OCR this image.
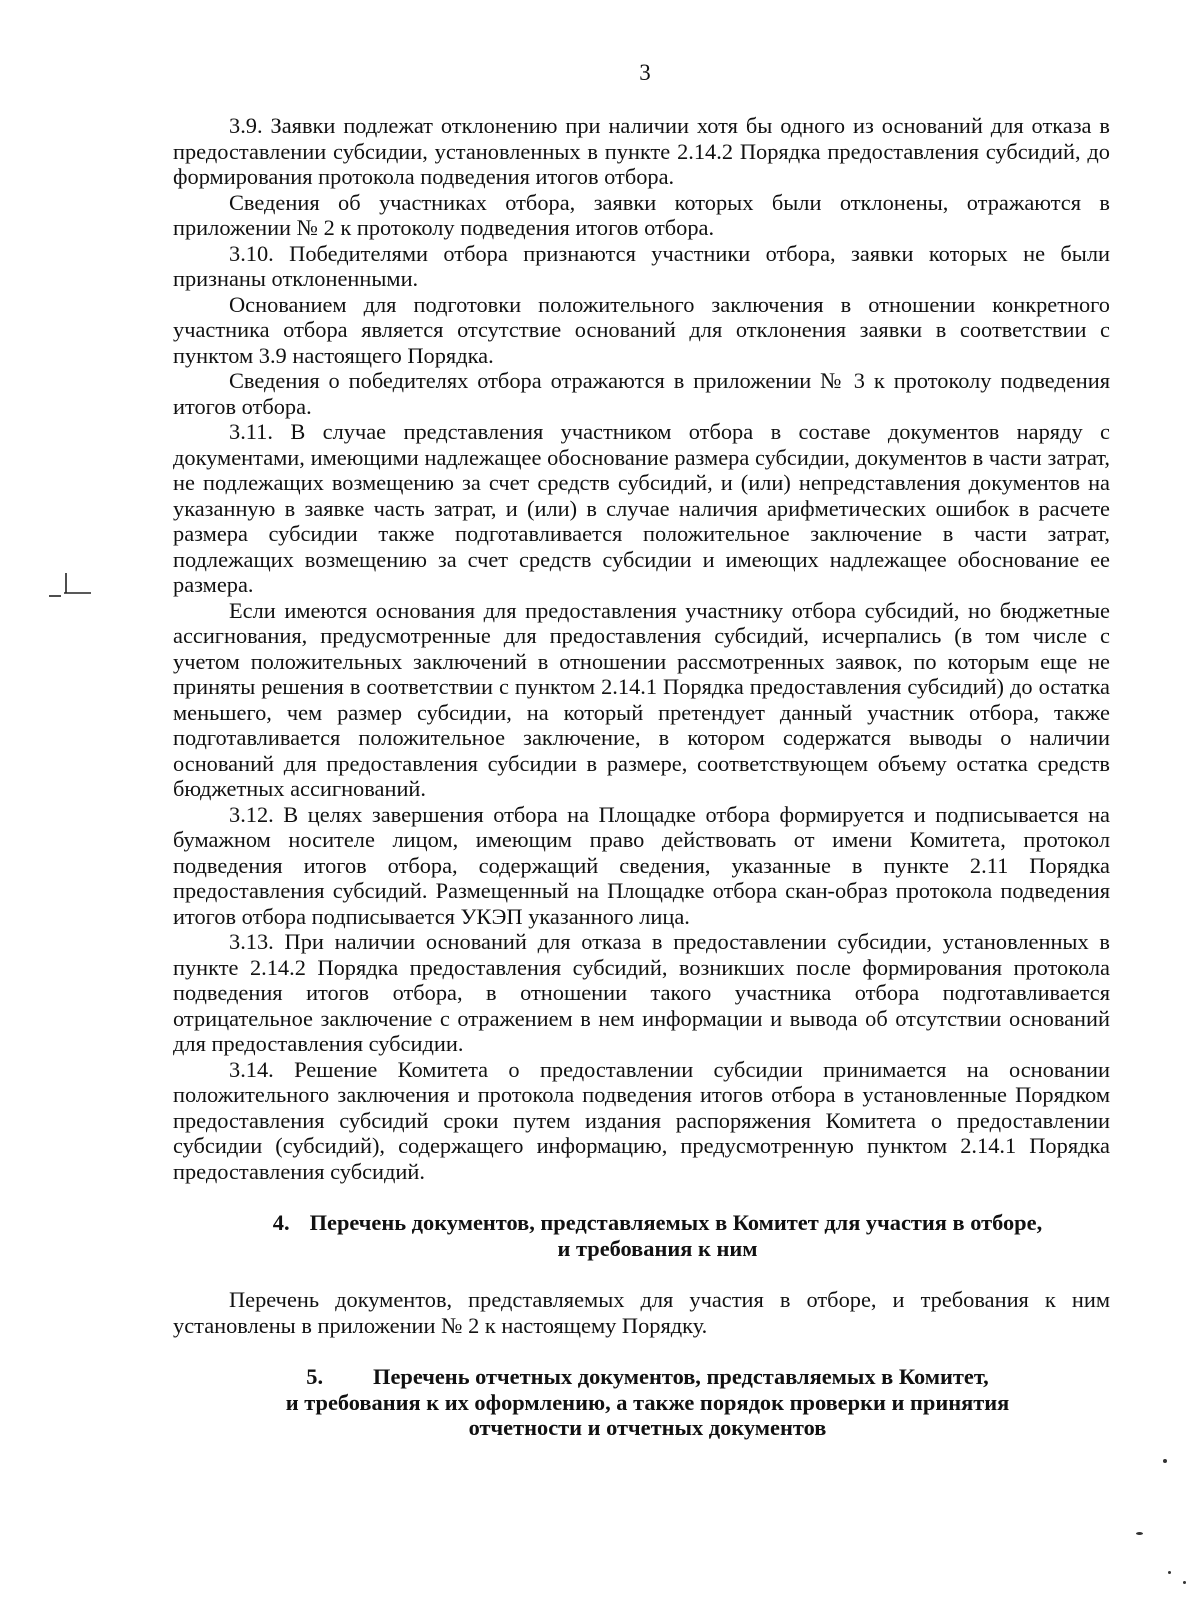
3

3.9. Заявки подлежат отклонению при наличии хотя бы одного из оснований для отказа в предоставлении субсидии, установленных в пункте 2.14.2 Порядка предоставления субсидий, до формирования протокола подведения итогов отбора.

Сведения об участниках отбора, заявки которых были отклонены, отражаются в приложении № 2 к протоколу подведения итогов отбора.

3.10. Победителями отбора признаются участники отбора, заявки которых не были признаны отклоненными.

Основанием для подготовки положительного заключения в отношении конкретного участника отбора является отсутствие оснований для отклонения заявки в соответствии с пунктом 3.9 настоящего Порядка.

Сведения о победителях отбора отражаются в приложении № 3 к протоколу подведения итогов отбора.

3.11. В случае представления участником отбора в составе документов наряду с документами, имеющими надлежащее обоснование размера субсидии, документов в части затрат, не подлежащих возмещению за счет средств субсидий, и (или) непредставления документов на указанную в заявке часть затрат, и (или) в случае наличия арифметических ошибок в расчете размера субсидии также подготавливается положительное заключение в части затрат, подлежащих возмещению за счет средств субсидии и имеющих надлежащее обоснование ее размера.

Если имеются основания для предоставления участнику отбора субсидий, но бюджетные ассигнования, предусмотренные для предоставления субсидий, исчерпались (в том числе с учетом положительных заключений в отношении рассмотренных заявок, по которым еще не приняты решения в соответствии с пунктом 2.14.1 Порядка предоставления субсидий) до остатка меньшего, чем размер субсидии, на который претендует данный участник отбора, также подготавливается положительное заключение, в котором содержатся выводы о наличии оснований для предоставления субсидии в размере, соответствующем объему остатка средств бюджетных ассигнований.

3.12. В целях завершения отбора на Площадке отбора формируется и подписывается на бумажном носителе лицом, имеющим право действовать от имени Комитета, протокол подведения итогов отбора, содержащий сведения, указанные в пункте 2.11 Порядка предоставления субсидий. Размещенный на Площадке отбора скан-образ протокола подведения итогов отбора подписывается УКЭП указанного лица.

3.13. При наличии оснований для отказа в предоставлении субсидии, установленных в пункте 2.14.2 Порядка предоставления субсидий, возникших после формирования протокола подведения итогов отбора, в отношении такого участника отбора подготавливается отрицательное заключение с отражением в нем информации и вывода об отсутствии оснований для предоставления субсидии.

3.14. Решение Комитета о предоставлении субсидии принимается на основании положительного заключения и протокола подведения итогов отбора в установленные Порядком предоставления субсидий сроки путем издания распоряжения Комитета о предоставлении субсидии (субсидий), содержащего информацию, предусмотренную пунктом 2.14.1 Порядка предоставления субсидий.

4. Перечень документов, представляемых в Комитет для участия в отборе,
и требования к ним

Перечень документов, представляемых для участия в отборе, и требования к ним установлены в приложении № 2 к настоящему Порядку.

5. Перечень отчетных документов, представляемых в Комитет,
и требования к их оформлению, а также порядок проверки и принятия
отчетности и отчетных документов
